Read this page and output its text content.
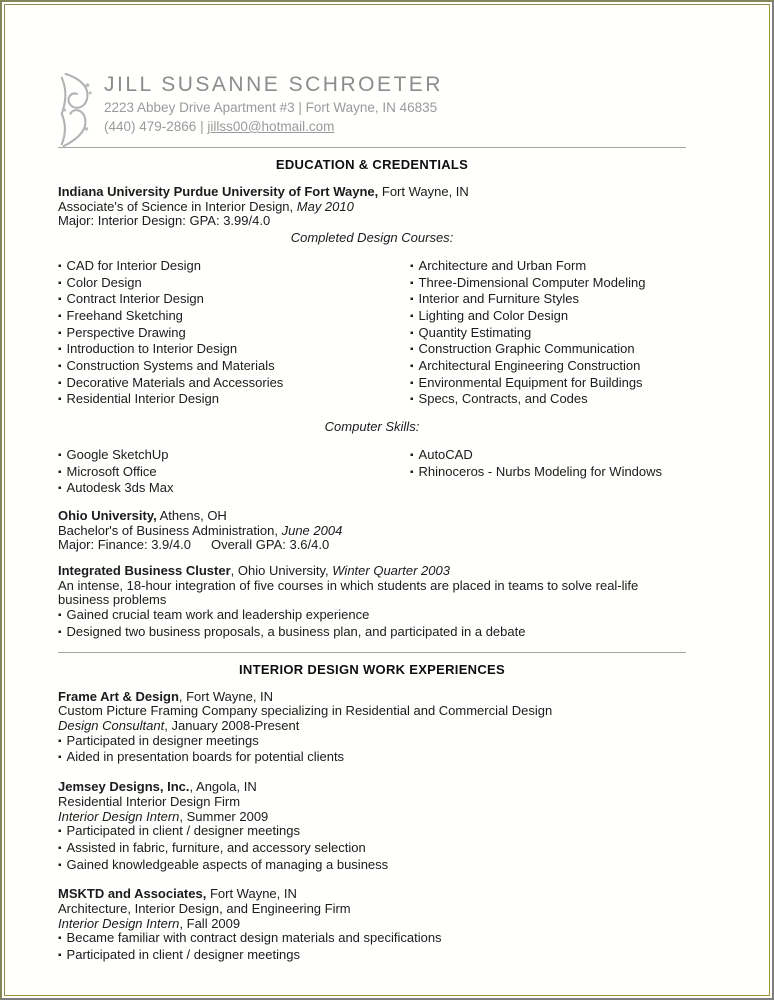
JILL SUSANNE SCHROETER
2223 Abbey Drive Apartment #3 | Fort Wayne, IN 46835
(440) 479-2866 | jillss00@hotmail.com
EDUCATION & CREDENTIALS
Indiana University Purdue University of Fort Wayne, Fort Wayne, IN
Associate's of Science in Interior Design, May 2010
Major: Interior Design: GPA: 3.99/4.0
Completed Design Courses:
▪ CAD for Interior Design
▪ Color Design
▪ Contract Interior Design
▪ Freehand Sketching
▪ Perspective Drawing
▪ Introduction to Interior Design
▪ Construction Systems and Materials
▪ Decorative Materials and Accessories
▪ Residential Interior Design
▪ Architecture and Urban Form
▪ Three-Dimensional Computer Modeling
▪ Interior and Furniture Styles
▪ Lighting and Color Design
▪ Quantity Estimating
▪ Construction Graphic Communication
▪ Architectural Engineering Construction
▪ Environmental Equipment for Buildings
▪ Specs, Contracts, and Codes
Computer Skills:
▪ Google SketchUp
▪ Microsoft Office
▪ Autodesk 3ds Max
▪ AutoCAD
▪ Rhinoceros - Nurbs Modeling for Windows
Ohio University, Athens, OH
Bachelor's of Business Administration, June 2004
Major: Finance: 3.9/4.0 Overall GPA: 3.6/4.0
Integrated Business Cluster, Ohio University, Winter Quarter 2003
An intense, 18-hour integration of five courses in which students are placed in teams to solve real-life business problems
▪ Gained crucial team work and leadership experience
▪ Designed two business proposals, a business plan, and participated in a debate
INTERIOR DESIGN WORK EXPERIENCES
Frame Art & Design, Fort Wayne, IN
Custom Picture Framing Company specializing in Residential and Commercial Design
Design Consultant, January 2008-Present
▪ Participated in designer meetings
▪ Aided in presentation boards for potential clients
Jemsey Designs, Inc., Angola, IN
Residential Interior Design Firm
Interior Design Intern, Summer 2009
▪ Participated in client / designer meetings
▪ Assisted in fabric, furniture, and accessory selection
▪ Gained knowledgeable aspects of managing a business
MSKTD and Associates, Fort Wayne, IN
Architecture, Interior Design, and Engineering Firm
Interior Design Intern, Fall 2009
▪ Became familiar with contract design materials and specifications
▪ Participated in client / designer meetings
